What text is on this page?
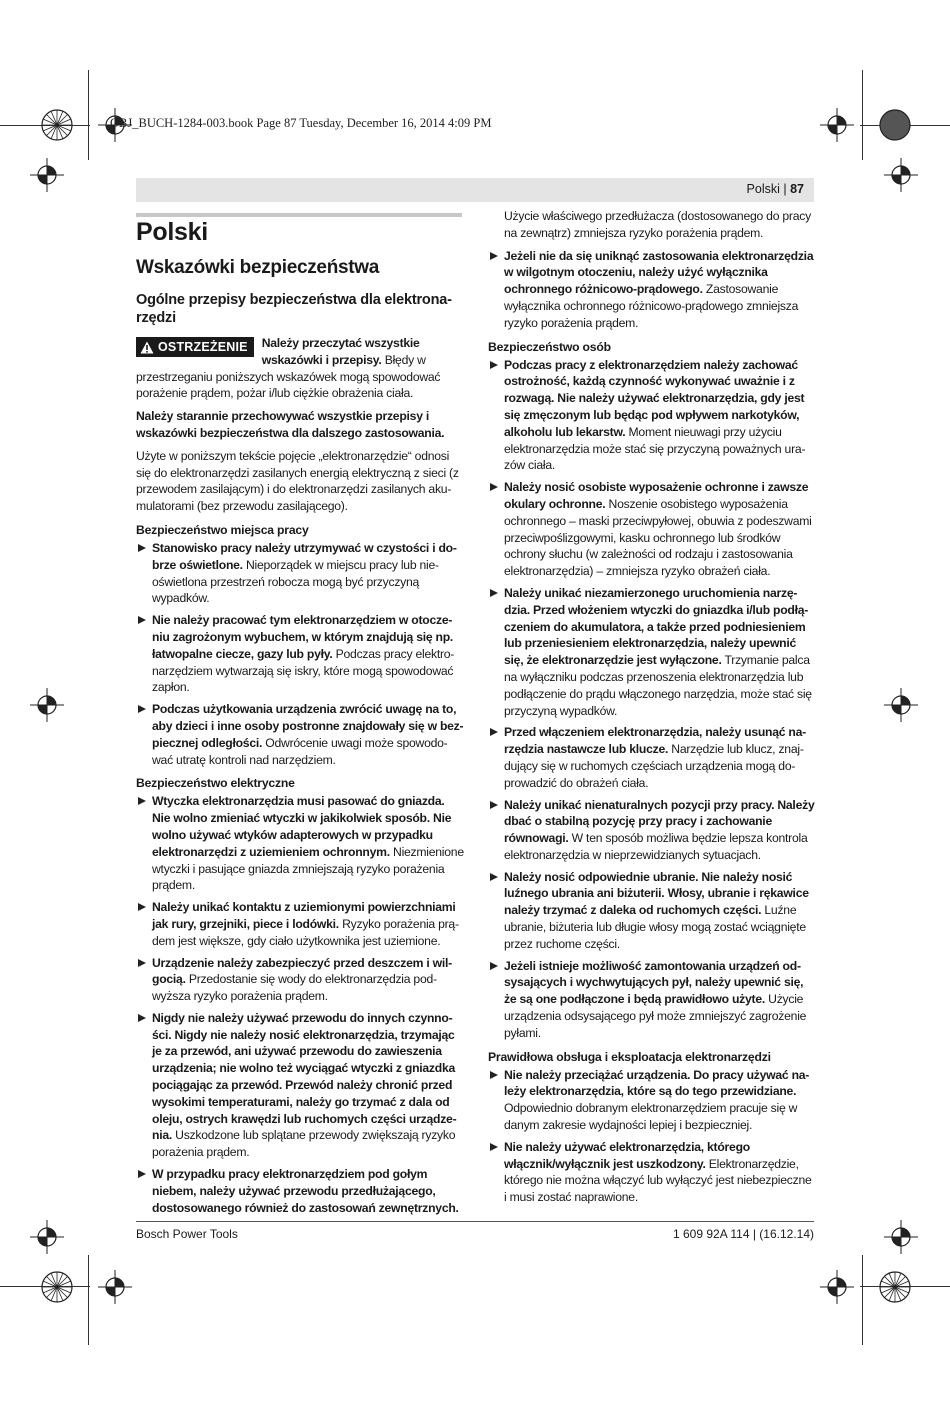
OBJ_BUCH-1284-003.book Page 87 Tuesday, December 16, 2014 4:09 PM
Polski | 87
Polski
Wskazówki bezpieczeństwa
Ogólne przepisy bezpieczeństwa dla elektronarzędzi
OSTRZEŻENIE	Należy przeczytać wszystkie wskazówki i przepisy. Błędy w przestrzeganiu poniższych wskazówek mogą spowodować porażenie prądem, pożar i/lub ciężkie obrażenia ciała.

Należy starannie przechowywać wszystkie przepisy i wskazówki bezpieczeństwa dla dalszego zastosowania.

Użyte w poniższym tekście pojęcie „elektronarzędzie“ odnosi się do elektronarzędzi zasilanych energią elektryczną z sieci (z przewodem zasilającym) i do elektronarzędzi zasilanych akumulatorami (bez przewodu zasilającego).

Bezpieczeństwo miejsca pracy
Stanowisko pracy należy utrzymywać w czystości i dobrze oświetlone. Nieporządek w miejscu pracy lub nieoświetlona przestrzeń robocza mogą być przyczyną wypadków.
Nie należy pracować tym elektronarzędziem w otoczeniu zagrożonym wybuchem, w którym znajdują się np. łatwopalne ciecze, gazy lub pyły. Podczas pracy elektronarzędziem wytwarzają się iskry, które mogą spowodować zapłon.
Podczas użytkowania urządzenia zwrócić uwagę na to, aby dzieci i inne osoby postronne znajdowały się w bezpiecznej odległości. Odwrócenie uwagi może spowodować utratę kontroli nad narzędziem.
Bezpieczeństwo elektryczne
Wtyczka elektronarzędzia musi pasować do gniazda. Nie wolno zmieniać wtyczki w jakikolwiek sposób. Nie wolno używać wtyków adapterowych w przypadku elektronarzędzi z uziemieniem ochronnym. Niezmienione wtyczki i pasujące gniazda zmniejszają ryzyko porażenia prądem.
Należy unikać kontaktu z uziemionymi powierzchniami jak rury, grzejniki, piece i lodówki. Ryzyko porażenia prądem jest większe, gdy ciało użytkownika jest uziemione.
Urządzenie należy zabezpieczyć przed deszczem i wilgocią. Przedostanie się wody do elektronarzędzia podwyższa ryzyko porażenia prądem.
Nigdy nie należy używać przewodu do innych czynności. Nigdy nie należy nosić elektronarzędzia, trzymając je za przewód, ani używać przewodu do zawieszenia urządzenia; nie wolno też wyciągać wtyczki z gniazdka pociągając za przewód. Przewód należy chronić przed wysokimi temperaturami, należy go trzymać z dala od oleju, ostrych krawędzi lub ruchomych części urządzenia. Uszkodzone lub splątane przewody zwiększają ryzyko porażenia prądem.
W przypadku pracy elektronarzędziem pod gołym niebem, należy używać przewodu przedłużającego, dostosowanego również do zastosowań zewnętrznych.

Użycie właściwego przedłużacza (dostosowanego do pracy na zewnątrz) zmniejsza ryzyko porażenia prądem.

Jeżeli nie da się uniknąć zastosowania elektronarzędzia w wilgotnym otoczeniu, należy użyć wyłącznika ochronnego różnicowo-prądowego. Zastosowanie wyłącznika ochronnego różnicowo-prądowego zmniejsza ryzyko porażenia prądem.
Bezpieczeństwo osób
Podczas pracy z elektronarzędziem należy zachować ostrożność, każdą czynność wykonywać uważnie i z rozwagą. Nie należy używać elektronarzędzia, gdy jest się zmęczonym lub będąc pod wpływem narkotyków, alkoholu lub lekarstw. Moment nieuwagi przy użyciu elektronarzędzia może stać się przyczyną poważnych urazów ciała.
Należy nosić osobiste wyposażenie ochronne i zawsze okulary ochronne. Noszenie osobistego wyposażenia ochronnego – maski przeciwpyłowej, obuwia z podeszwami przeciwpoślizgowymi, kasku ochronnego lub środków ochrony słuchu (w zależności od rodzaju i zastosowania elektronarzędzia) – zmniejsza ryzyko obrażeń ciała.
Należy unikać niezamierzonego uruchomienia narzędzia. Przed włożeniem wtyczki do gniazdka i/lub podłączeniem do akumulatora, a także przed podniesieniem lub przeniesieniem elektronarzędzia, należy upewnić się, że elektronarzędzie jest wyłączone. Trzymanie palca na wyłączniku podczas przenoszenia elektronarzędzia lub podłączenie do prądu włączonego narzędzia, może stać się przyczyną wypadków.
Przed włączeniem elektronarzędzia, należy usunąć narzędzia nastawcze lub klucze. Narzędzie lub klucz, znajdujący się w ruchomych częściach urządzenia mogą doprowadzić do obrażeń ciała.
Należy unikać nienaturalnych pozycji przy pracy. Należy dbać o stabilną pozycję przy pracy i zachowanie równowagi. W ten sposób możliwa będzie lepsza kontrola elektronarzędzia w nieprzewidzianych sytuacjach.
Należy nosić odpowiednie ubranie. Nie należy nosić luźnego ubrania ani biżuterii. Włosy, ubranie i rękawice należy trzymać z daleka od ruchomych części. Luźne ubranie, biżuteria lub długie włosy mogą zostać wciągnięte przez ruchome części.
Jeżeli istnieje możliwość zamontowania urządzeń odsysających i wychwytujących pył, należy upewnić się, że są one podłączone i będą prawidłowo użyte. Użycie urządzenia odsysającego pył może zmniejszyć zagrożenie pyłami.
Prawidłowa obsługa i eksploatacja elektronarzędzi
Nie należy przeciążać urządzenia. Do pracy używać należy elektronarzędzia, które są do tego przewidziane. Odpowiednio dobranym elektronarzędziem pracuje się w danym zakresie wydajności lepiej i bezpieczniej.
Nie należy używać elektronarzędzia, którego włącznik/wyłącznik jest uszkodzony. Elektronarzędzie, którego nie można włączyć lub wyłączyć jest niebezpieczne i musi zostać naprawione.
Bosch Power Tools	1 609 92A 114 | (16.12.14)
